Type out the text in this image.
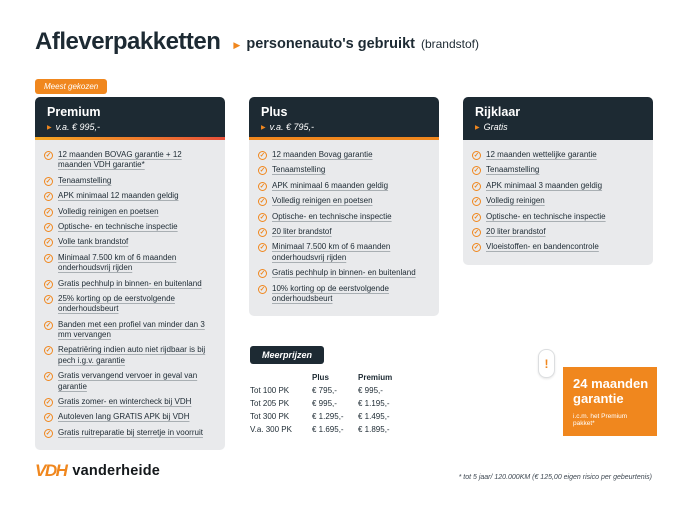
Afleverpakketten ▶ personenauto's gebruikt (brandstof)
Meest gekozen
Premium
▶ v.a. € 995,-
✓ 12 maanden BOVAG garantie + 12 maanden VDH garantie*
✓ Tenaamstelling
✓ APK minimaal 12 maanden geldig
✓ Volledig reinigen en poetsen
✓ Optische- en technische inspectie
✓ Volle tank brandstof
✓ Minimaal 7.500 km of 6 maanden onderhoudsvrij rijden
✓ Gratis pechhulp in binnen- en buitenland
✓ 25% korting op de eerstvolgende onderhoudsbeurt
✓ Banden met een profiel van minder dan 3 mm vervangen
✓ Repatriëring indien auto niet rijdbaar is bij pech i.g.v. garantie
✓ Gratis vervangend vervoer in geval van garantie
✓ Gratis zomer- en wintercheck bij VDH
✓ Autoleven lang GRATIS APK bij VDH
✓ Gratis ruitreparatie bij sterretje in voorruit
Plus
▶ v.a. € 795,-
✓ 12 maanden Bovag garantie
✓ Tenaamstelling
✓ APK minimaal 6 maanden geldig
✓ Volledig reinigen en poetsen
✓ Optische- en technische inspectie
✓ 20 liter brandstof
✓ Minimaal 7.500 km of 6 maanden onderhoudsvrij rijden
✓ Gratis pechhulp in binnen- en buitenland
✓ 10% korting op de eerstvolgende onderhoudsbeurt
Rijklaar
▶ Gratis
✓ 12 maanden wettelijke garantie
✓ Tenaamstelling
✓ APK minimaal 3 maanden geldig
✓ Volledig reinigen
✓ Optische- en technische inspectie
✓ 20 liter brandstof
✓ Vloeistoffen- en bandencontrole
Meerprijzen
Plus	Premium
Tot 100 PK	€ 795,-	€ 995,-
Tot 205 PK	€ 995,-	€ 1.195,-
Tot 300 PK	€ 1.295,-	€ 1.495,-
V.a. 300 PK	€ 1.695,-	€ 1.895,-
!
24 maanden
garantie
i.c.m. het Premium pakket*
VDH vanderheide	* tot 5 jaar/ 120.000KM (€ 125,00 eigen risico per gebeurtenis)
